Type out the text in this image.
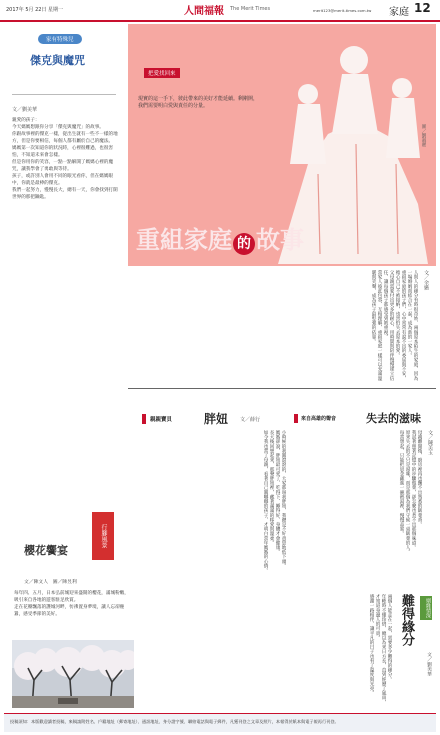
2017年 5月 22日 星期一	人間福報 The Merit Times	merit123@merit-times.com.tw 家庭 12
家有特殊兒
傑克與魔咒
文／劉美華
親愛的孩子：
今天媽媽想跟你分享「傑克與魔咒」的故事。
你跟故事裡的傑克一樣，從出生就有一些不一樣的地方，但是你要相信，每個人都有屬於自己的魔法。
媽媽第一次知道你的狀況時，心裡很難過，也很害怕，不知道未來會怎樣。
但是你用你的笑容，一點一點解開了媽媽心裡的魔咒，讓我學會了勇敢與等待。
孩子，或許別人會用不同的眼光看你，但在媽媽眼中，你就是最棒的傑克。
我們一起努力，慢慢長大，總有一天，你會找到打開世界的那把鑰匙。
櫻花饗宴
行腳風景
文／陳文人　圖／陳昱利
每年四、五月，日本弘前城迎來盛開的櫻花，滿城粉嫩，吸引來自各地的遊客駐足欣賞。
走在花瓣飄落的護城河畔，彷彿置身夢境，讓人忘卻塵囂，感受季節的美好。
把愛找回來
現實的這一手下，彼此帶來的美好才能延續。剩剛開，我們需要明白愛與責任的分量。
圖／劉淑麗
重組家庭 的 故事
文／余嬿
人與人的緣分有時很奇妙，兩個原本陌生的家庭，因為一場婚姻而結合在一起，成為新的一家人。
重組家庭的孩子們，心中常常有說不出的委屈與不安，擔心自己不被接納，也害怕失去原本的愛。
父母親需要付出更多的耐心，用時間與陪伴慢慢建立信任，讓每個孩子都感受到被重視。
當家人彼此包容、互相理解，重組家庭一樣可以充滿溫暖與笑聲，成為孩子最堅強的依靠。
親親寶貝	胖妞 文／薛行
小時候的我圓滾滾的，大家都叫我胖妞，我總是不好意思地低下頭。
媽媽卻說，胖妞最可愛了，吃得下、睡得好，身體才會健康。
長大後回想起來，那聲胖妞裡，藏著滿滿的疼愛與溫柔。
如今我也當了母親，看著自己圓嘟嘟的孩子，才明白當年媽媽的心情。
來自高雄的聲音	失去的滋味
文／陳美玉
母親離開後，廚房裡再也飄不出熟悉的飯菜香。
我試著照著記憶中的步驟做菜，卻怎麼也煮不出那個味道。
原來失去的不只是滋味，而是那個為我們守候一桌飯菜的人。
每當想起，只能把思念藏進一碗熱湯裡，慢慢品嘗。
姻緣情深
難得緣分
文／劉美華
兩個人能走在一起，需要多少難得的緣分。
年輕時不懂珍惜，總以為來日方長，直到經歷了風雨，才知道身邊人的可貴。
感謝一路相伴，讓平凡的日子也有了溫度與光亮。
投稿須知：本版歡迎讀者投稿，來稿請附姓名、戶籍地址（郵寄地址）、通訊地址、身分證字號、聯絡電話與電子郵件，凡獲刊登之文章及照片，本報得於紙本與電子報再行刊登。
